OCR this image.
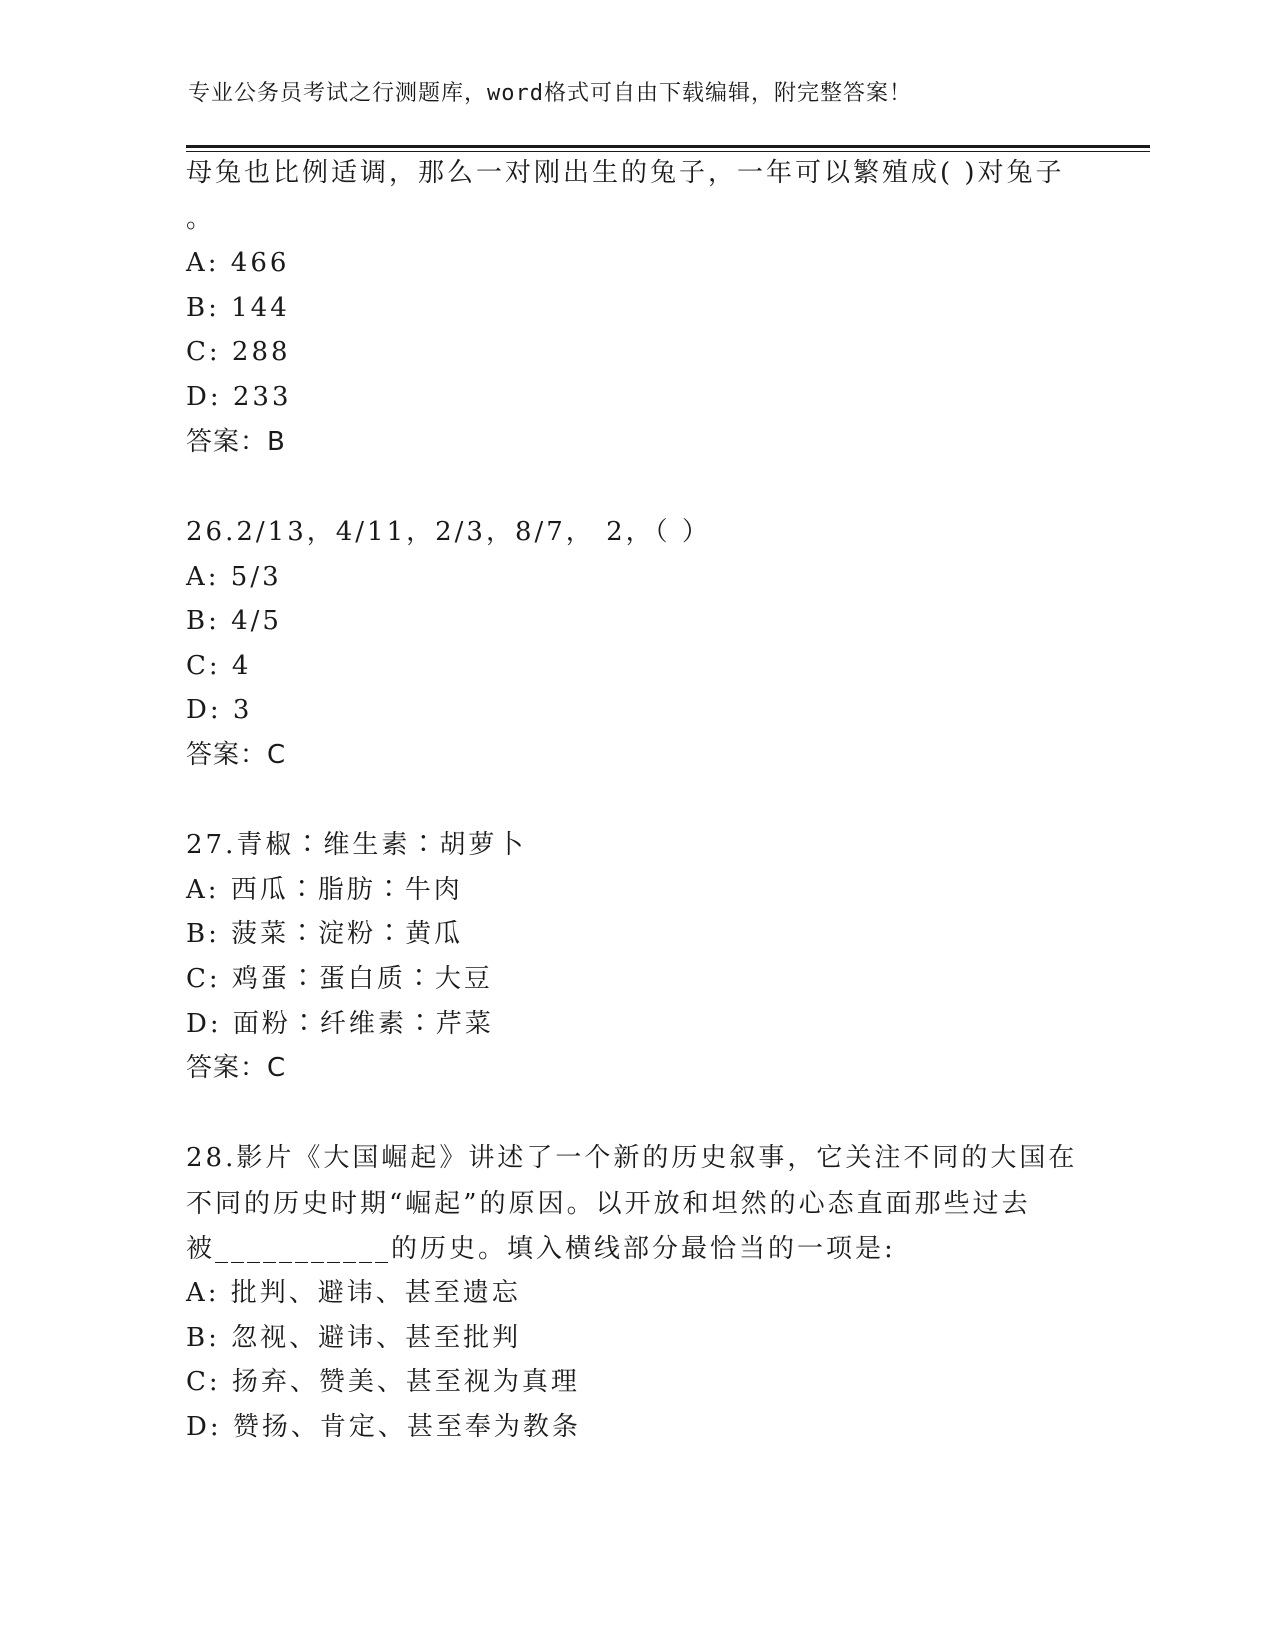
专业公务员考试之行测题库，word格式可自由下载编辑，附完整答案！
母兔也比例适调，那么一对刚出生的兔子，一年可以繁殖成( )对兔子
。
A: 466
B: 144
C: 288
D: 233
答案：B
26.2/13，4/11，2/3，8/7， 2，（ ）
A: 5/3
B: 4/5
C: 4
D: 3
答案：C
27.青椒∶维生素∶胡萝卜
A: 西瓜∶脂肪∶牛肉
B: 菠菜∶淀粉∶黄瓜
C: 鸡蛋∶蛋白质∶大豆
D: 面粉∶纤维素∶芹菜
答案：C
28.影片《大国崛起》讲述了一个新的历史叙事，它关注不同的大国在
不同的历史时期“崛起”的原因。以开放和坦然的心态直面那些过去
被___________的历史。填入横线部分最恰当的一项是:
A: 批判、避讳、甚至遗忘
B: 忽视、避讳、甚至批判
C: 扬弃、赞美、甚至视为真理
D: 赞扬、肯定、甚至奉为教条
